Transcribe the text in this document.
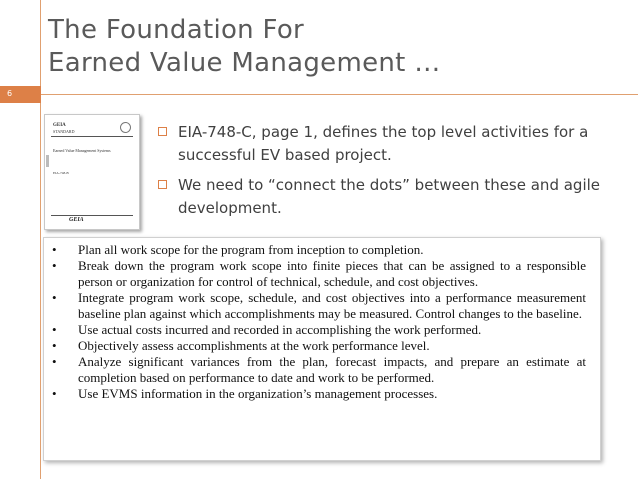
The Foundation For
Earned Value Management …
6
GEIA
STANDARD
Earned Value Management Systems
EIA-748-B
GEIA
EIA-748-C, page 1, defines the top level activities for a successful EV based project.
We need to “connect the dots” between these and agile development.
• Plan all work scope for the program from inception to completion.
• Break down the program work scope into finite pieces that can be assigned to a responsible person or organization for control of technical, schedule, and cost objectives.
• Integrate program work scope, schedule, and cost objectives into a performance measurement baseline plan against which accomplishments may be measured. Control changes to the baseline.
• Use actual costs incurred and recorded in accomplishing the work performed.
• Objectively assess accomplishments at the work performance level.
• Analyze significant variances from the plan, forecast impacts, and prepare an estimate at completion based on performance to date and work to be performed.
• Use EVMS information in the organization’s management processes.
